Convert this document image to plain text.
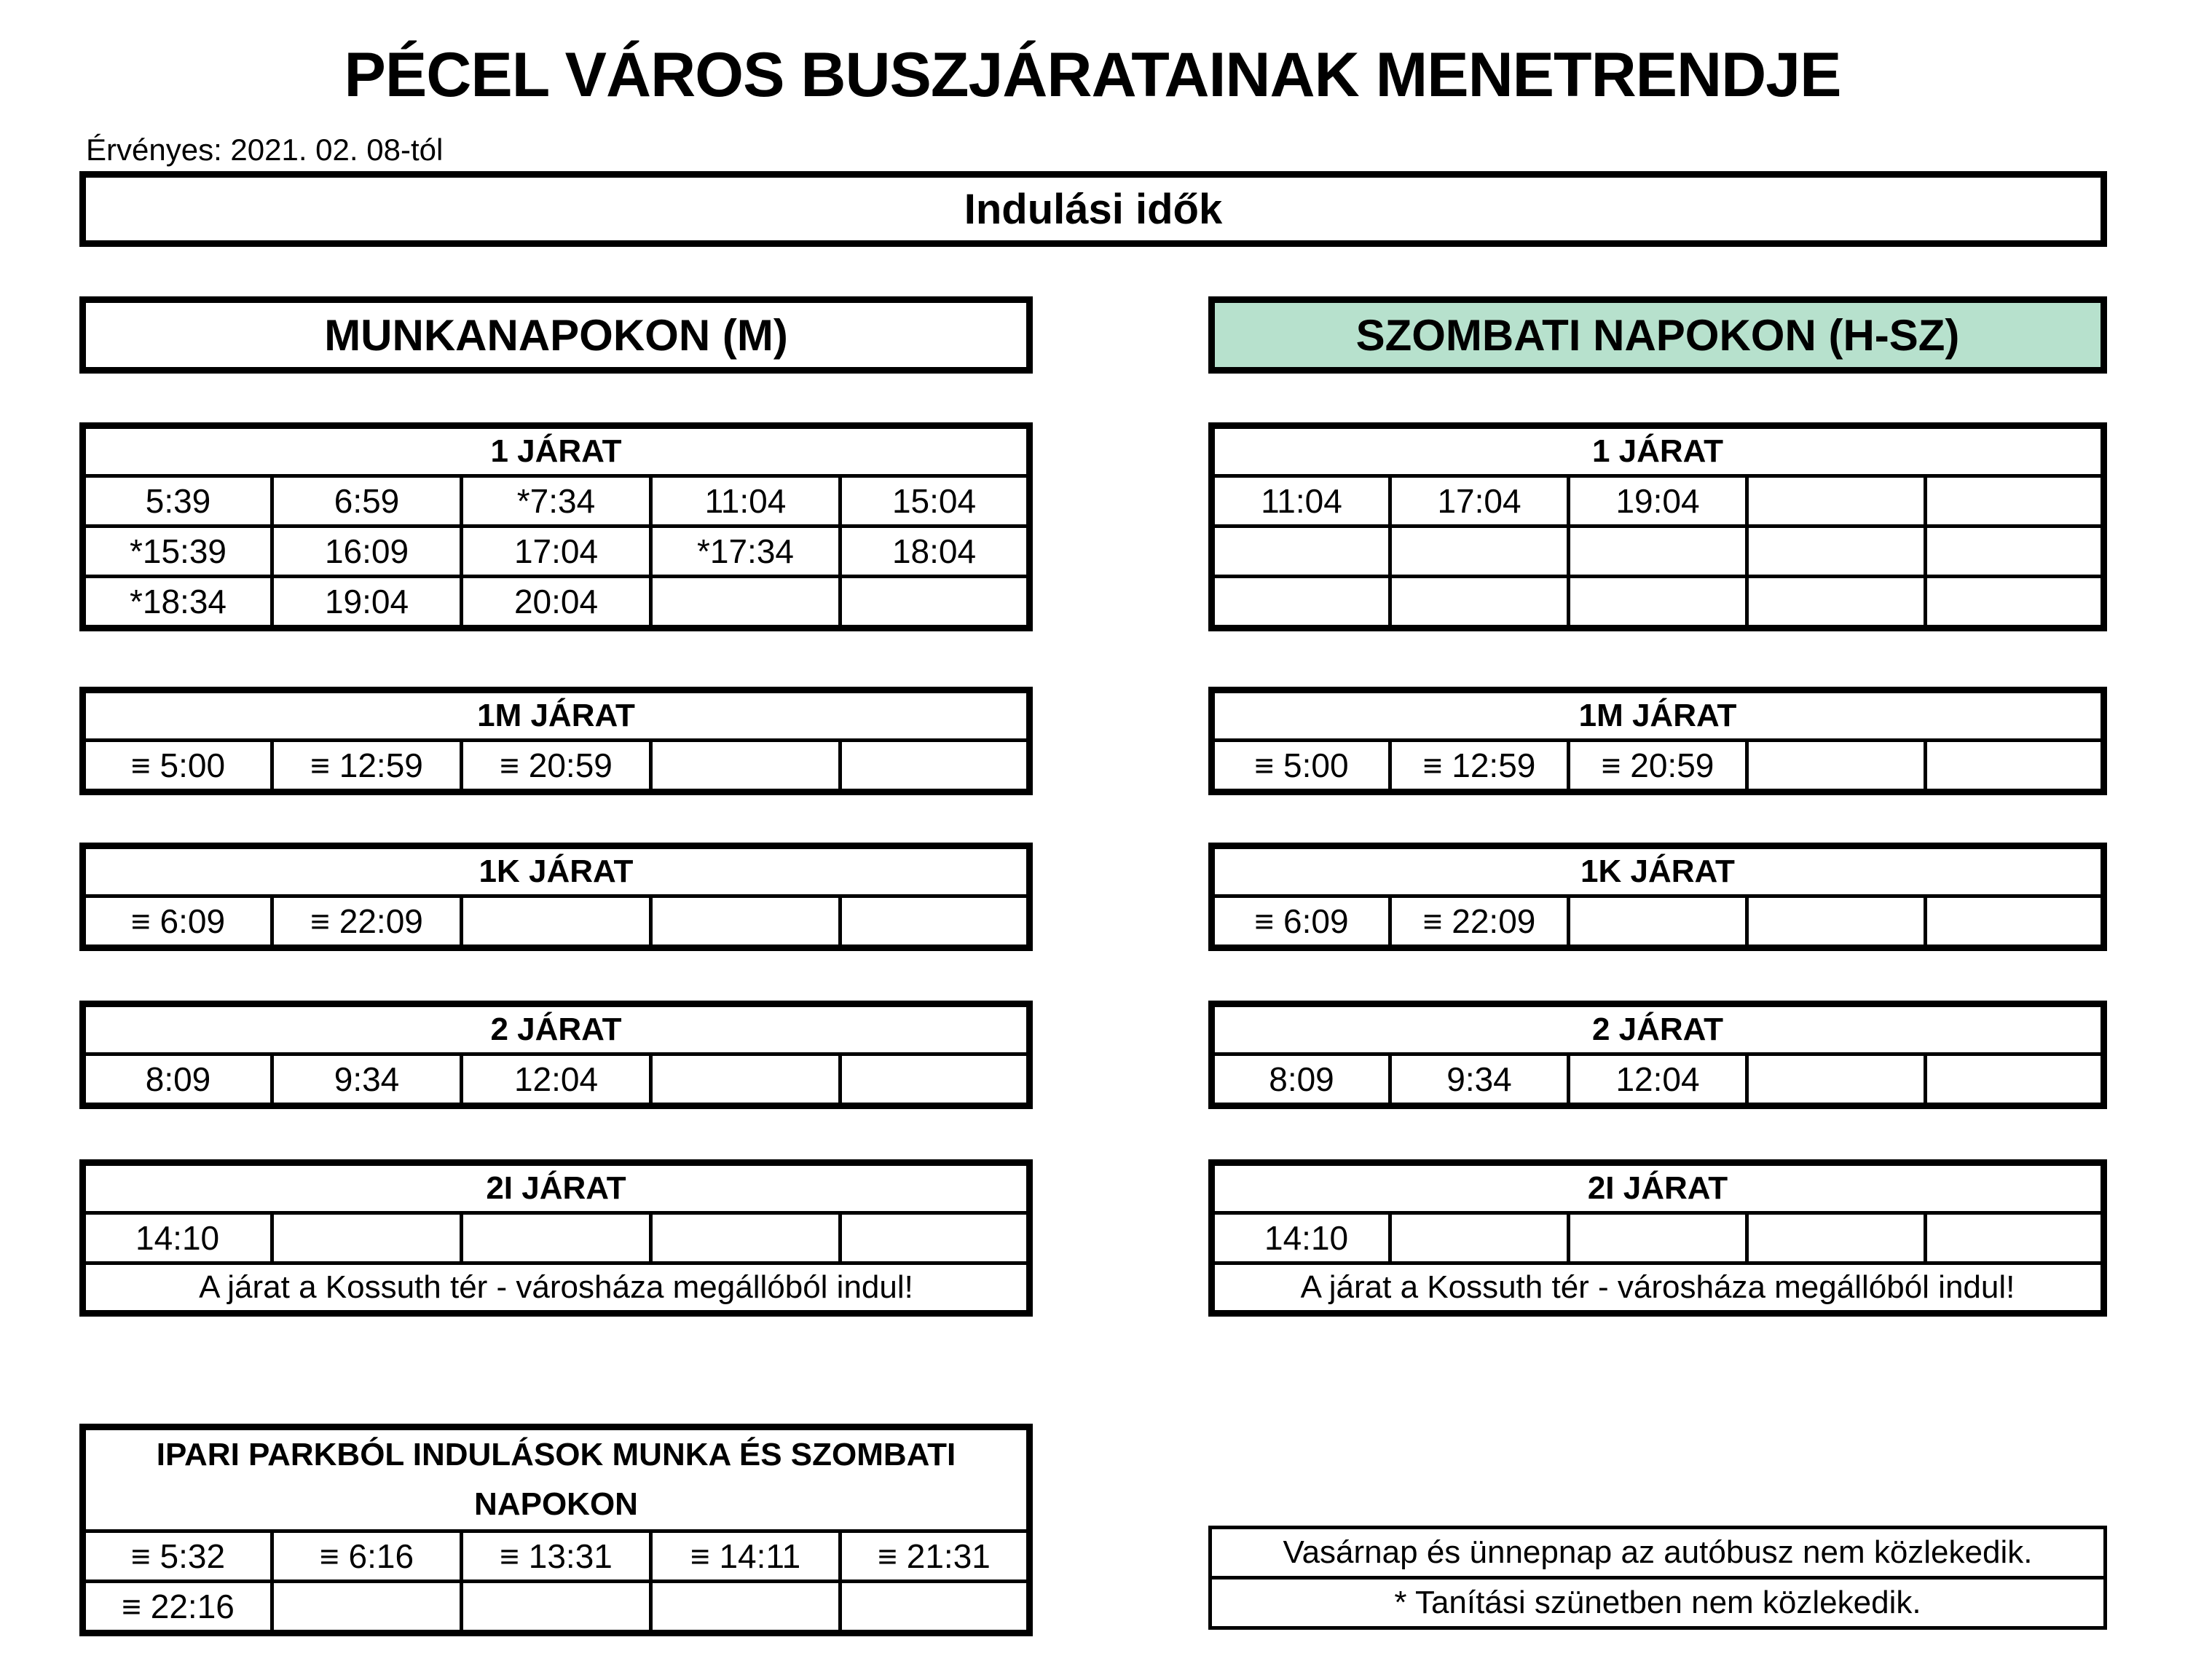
PÉCEL VÁROS BUSZJÁRATAINAK MENETRENDJE
Érvényes: 2021. 02. 08-tól
Indulási idők
MUNKANAPOKON (M)	SZOMBATI NAPOKON (H-SZ)
1 JÁRAT				
5:39	6:59	*7:34	11:04	15:04
*15:39	16:09	17:04	*17:34	18:04
*18:34	19:04	20:04		
1M JÁRAT
≡ 5:00	≡ 12:59	≡ 20:59		
1K JÁRAT
≡ 6:09	≡ 22:09			
2 JÁRAT
8:09	9:34	12:04		
2I JÁRAT
14:10				
A járat a Kossuth tér - városháza megállóból indul!
1 JÁRAT				
11:04	17:04	19:04		

1M JÁRAT
≡ 5:00	≡ 12:59	≡ 20:59		
1K JÁRAT
≡ 6:09	≡ 22:09			
2 JÁRAT
8:09	9:34	12:04		
2I JÁRAT
14:10				
A járat a Kossuth tér - városháza megállóból indul!
IPARI PARKBÓL INDULÁSOK MUNKA ÉS SZOMBATI NAPOKON				
≡ 5:32	≡ 6:16	≡ 13:31	≡ 14:11	≡ 21:31
≡ 22:16				
Vasárnap és ünnepnap az autóbusz nem közlekedik.
* Tanítási szünetben nem közlekedik.
